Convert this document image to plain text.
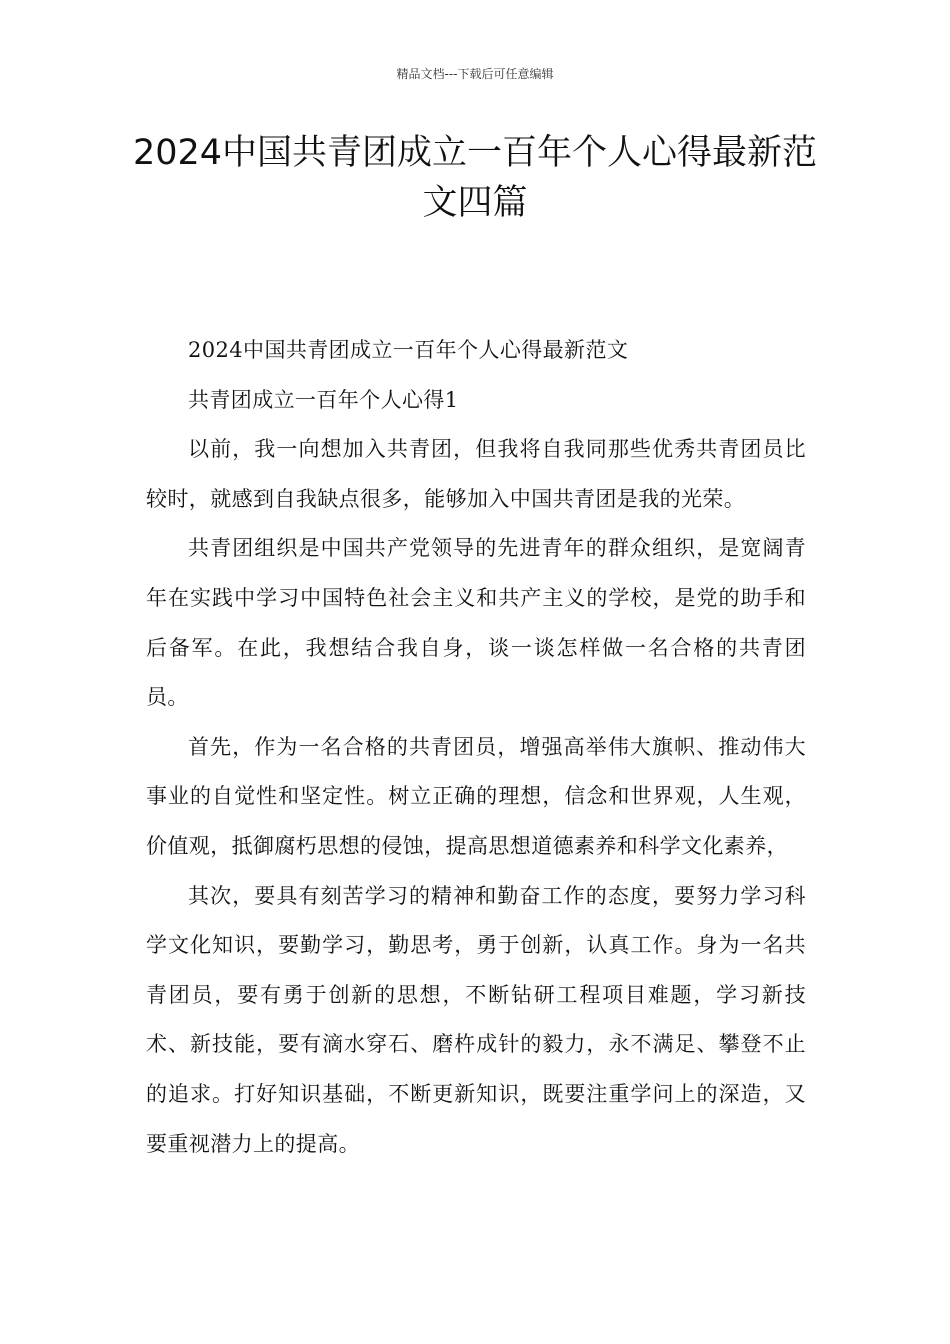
精品文档---下载后可任意编辑
2024中国共青团成立一百年个人心得最新范文四篇

2024中国共青团成立一百年个人心得最新范文

共青团成立一百年个人心得1

以前，我一向想加入共青团，但我将自我同那些优秀共青团员比较时，就感到自我缺点很多，能够加入中国共青团是我的光荣。

共青团组织是中国共产党领导的先进青年的群众组织，是宽阔青年在实践中学习中国特色社会主义和共产主义的学校，是党的助手和后备军。在此，我想结合我自身，谈一谈怎样做一名合格的共青团员。

首先，作为一名合格的共青团员，增强高举伟大旗帜、推动伟大事业的自觉性和坚定性。树立正确的理想，信念和世界观，人生观，价值观，抵御腐朽思想的侵蚀，提高思想道德素养和科学文化素养，

其次，要具有刻苦学习的精神和勤奋工作的态度，要努力学习科学文化知识，要勤学习，勤思考，勇于创新，认真工作。身为一名共青团员，要有勇于创新的思想，不断钻研工程项目难题，学习新技术、新技能，要有滴水穿石、磨杵成针的毅力，永不满足、攀登不止的追求。打好知识基础，不断更新知识，既要注重学问上的深造，又要重视潜力上的提高。
